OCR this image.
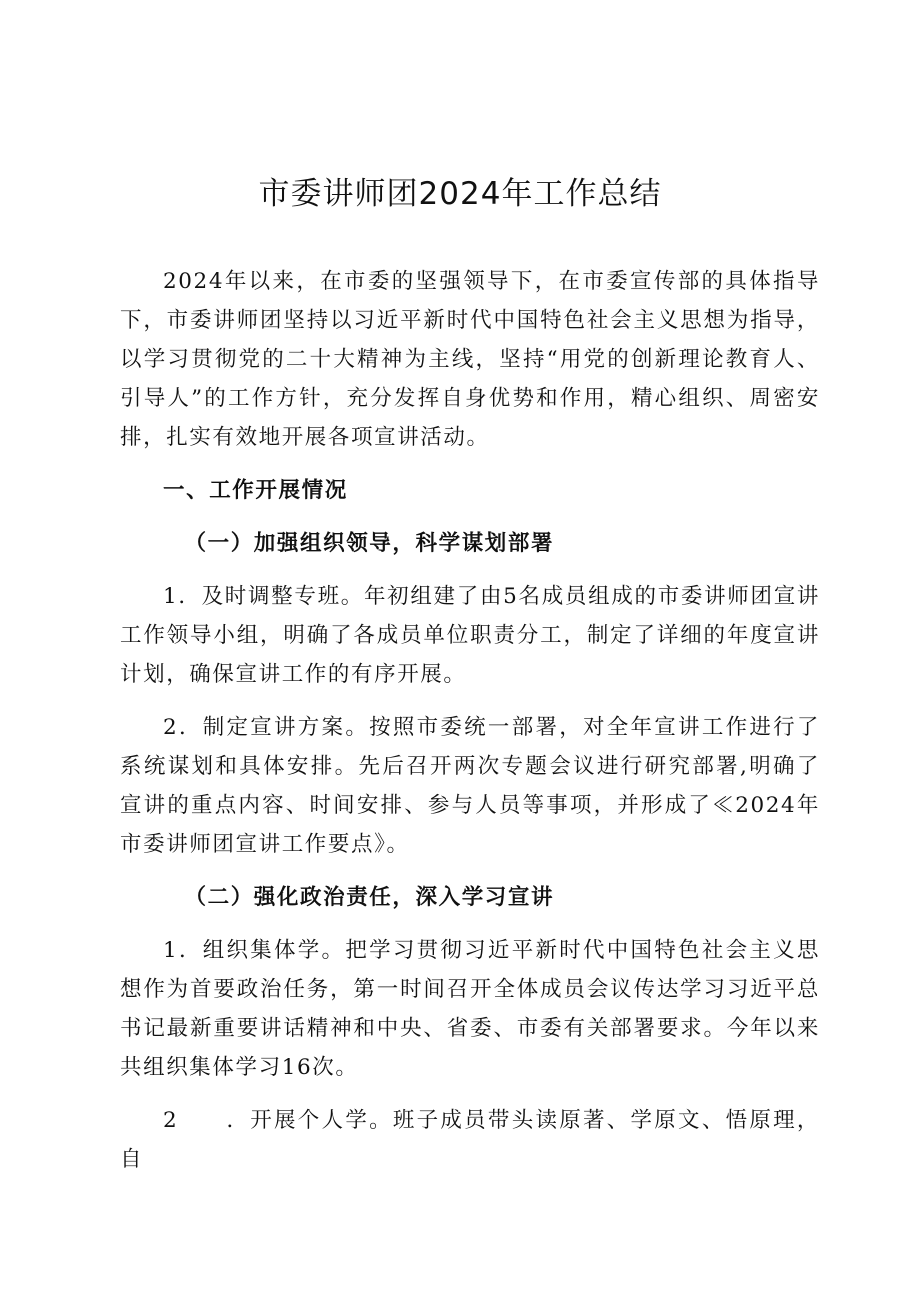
市委讲师团2024年工作总结

2024年以来，在市委的坚强领导下，在市委宣传部的具体指导下，市委讲师团坚持以习近平新时代中国特色社会主义思想为指导，以学习贯彻党的二十大精神为主线，坚持“用党的创新理论教育人、引导人”的工作方针，充分发挥自身优势和作用，精心组织、周密安排，扎实有效地开展各项宣讲活动。

一、工作开展情况

（一）加强组织领导，科学谋划部署

1．及时调整专班。年初组建了由5名成员组成的市委讲师团宣讲工作领导小组，明确了各成员单位职责分工，制定了详细的年度宣讲计划，确保宣讲工作的有序开展。

2．制定宣讲方案。按照市委统一部署，对全年宣讲工作进行了系统谋划和具体安排。先后召开两次专题会议进行研究部署,明确了宣讲的重点内容、时间安排、参与人员等事项，并形成了≪2024年市委讲师团宣讲工作要点》。

（二）强化政治责任，深入学习宣讲

1．组织集体学。把学习贯彻习近平新时代中国特色社会主义思想作为首要政治任务，第一时间召开全体成员会议传达学习习近平总书记最新重要讲话精神和中央、省委、市委有关部署要求。今年以来共组织集体学习16次。

2　　．开展个人学。班子成员带头读原著、学原文、悟原理，自
